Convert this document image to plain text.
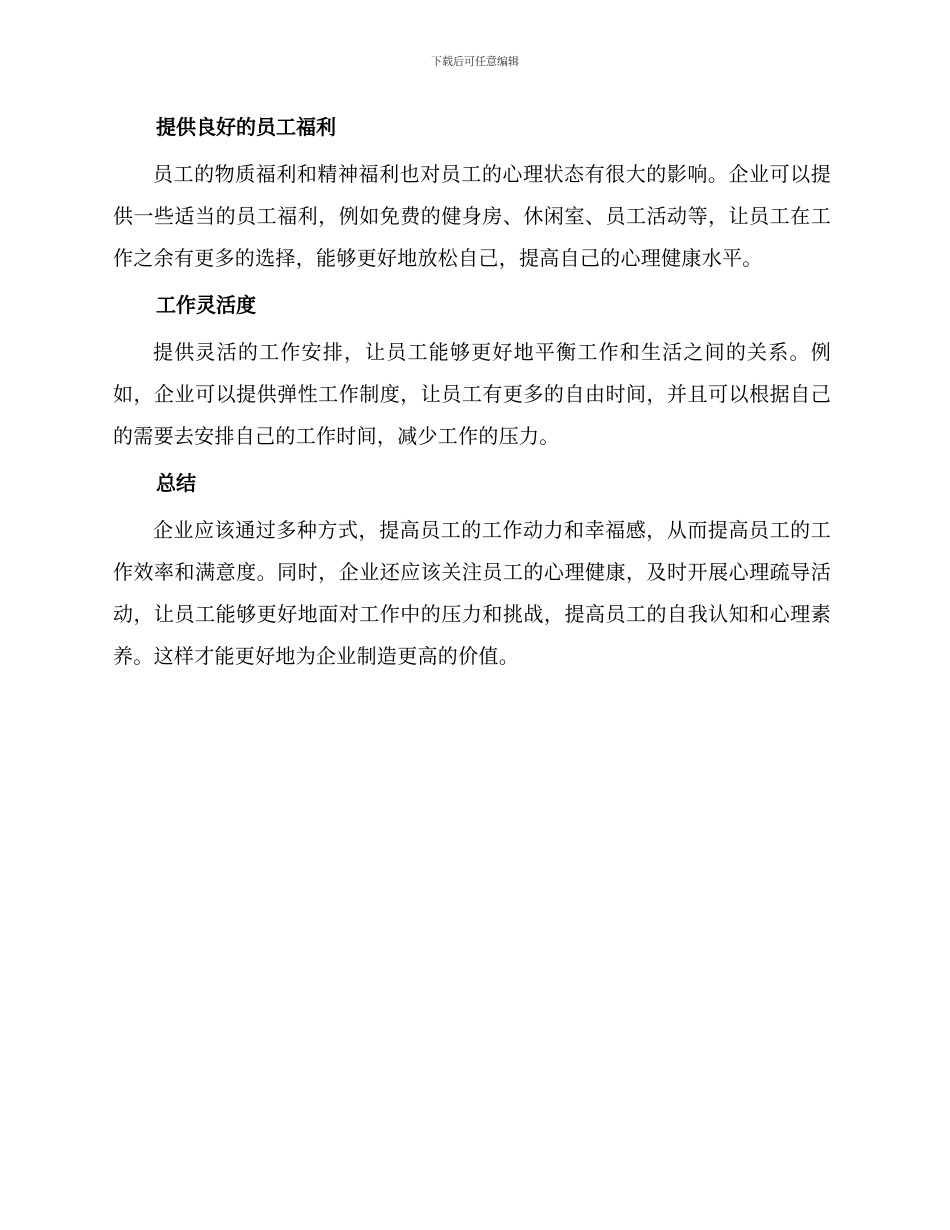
下载后可任意编辑
提供良好的员工福利

员工的物质福利和精神福利也对员工的心理状态有很大的影响。企业可以提供一些适当的员工福利，例如免费的健身房、休闲室、员工活动等，让员工在工作之余有更多的选择，能够更好地放松自己，提高自己的心理健康水平。

工作灵活度

提供灵活的工作安排，让员工能够更好地平衡工作和生活之间的关系。例如，企业可以提供弹性工作制度，让员工有更多的自由时间，并且可以根据自己的需要去安排自己的工作时间，减少工作的压力。

总结

企业应该通过多种方式，提高员工的工作动力和幸福感，从而提高员工的工作效率和满意度。同时，企业还应该关注员工的心理健康，及时开展心理疏导活动，让员工能够更好地面对工作中的压力和挑战，提高员工的自我认知和心理素养。这样才能更好地为企业制造更高的价值。
